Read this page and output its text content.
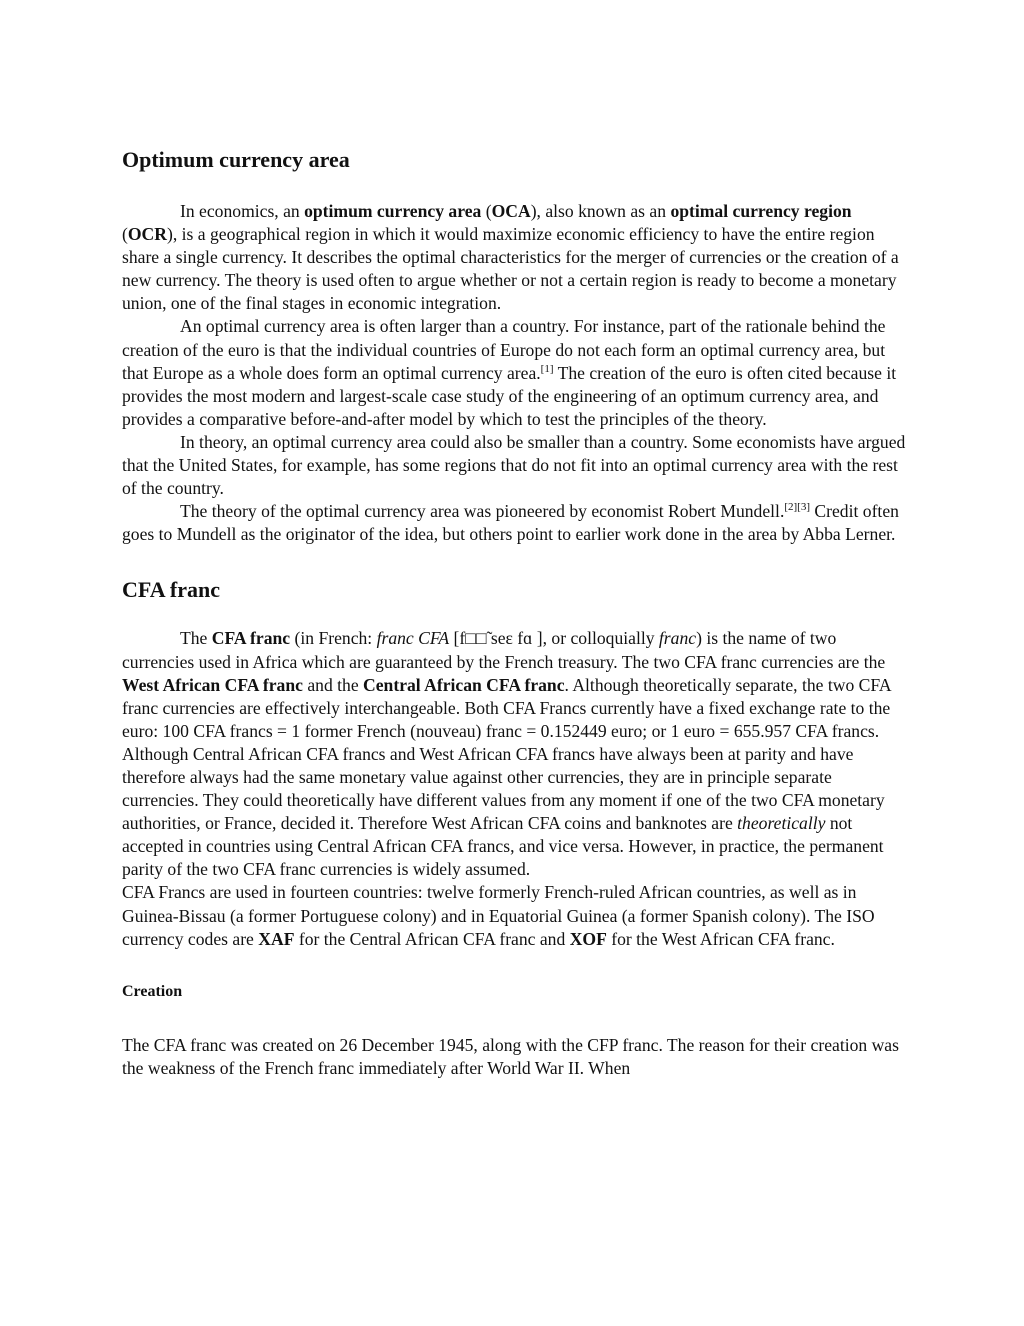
Optimum currency area

In economics, an optimum currency area (OCA), also known as an optimal currency region (OCR), is a geographical region in which it would maximize economic efficiency to have the entire region share a single currency. It describes the optimal characteristics for the merger of currencies or the creation of a new currency. The theory is used often to argue whether or not a certain region is ready to become a monetary union, one of the final stages in economic integration.

An optimal currency area is often larger than a country. For instance, part of the rationale behind the creation of the euro is that the individual countries of Europe do not each form an optimal currency area, but that Europe as a whole does form an optimal currency area.[1] The creation of the euro is often cited because it provides the most modern and largest-scale case study of the engineering of an optimum currency area, and provides a comparative before-and-after model by which to test the principles of the theory.

In theory, an optimal currency area could also be smaller than a country. Some economists have argued that the United States, for example, has some regions that do not fit into an optimal currency area with the rest of the country.

The theory of the optimal currency area was pioneered by economist Robert Mundell.[2][3] Credit often goes to Mundell as the originator of the idea, but others point to earlier work done in the area by Abba Lerner.

CFA franc

The CFA franc (in French: franc CFA [f□□̃ seɛ fɑ ], or colloquially franc) is the name of two currencies used in Africa which are guaranteed by the French treasury. The two CFA franc currencies are the West African CFA franc and the Central African CFA franc. Although theoretically separate, the two CFA franc currencies are effectively interchangeable. Both CFA Francs currently have a fixed exchange rate to the euro: 100 CFA francs = 1 former French (nouveau) franc = 0.152449 euro; or 1 euro = 655.957 CFA francs.

Although Central African CFA francs and West African CFA francs have always been at parity and have therefore always had the same monetary value against other currencies, they are in principle separate currencies. They could theoretically have different values from any moment if one of the two CFA monetary authorities, or France, decided it. Therefore West African CFA coins and banknotes are theoretically not accepted in countries using Central African CFA francs, and vice versa. However, in practice, the permanent parity of the two CFA franc currencies is widely assumed.

CFA Francs are used in fourteen countries: twelve formerly French-ruled African countries, as well as in Guinea-Bissau (a former Portuguese colony) and in Equatorial Guinea (a former Spanish colony). The ISO currency codes are XAF for the Central African CFA franc and XOF for the West African CFA franc.

Creation

The CFA franc was created on 26 December 1945, along with the CFP franc. The reason for their creation was the weakness of the French franc immediately after World War II. When
